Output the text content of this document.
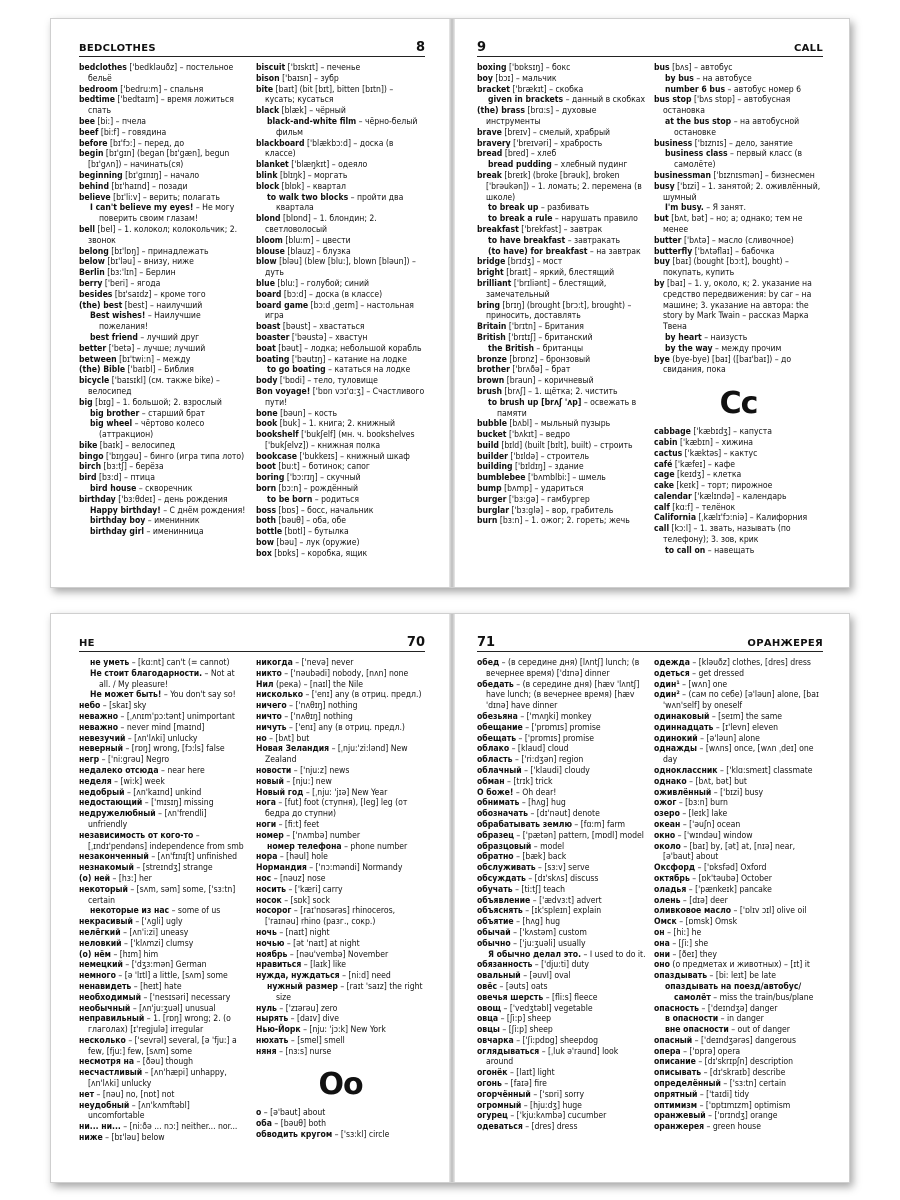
BEDCLOTHES	8
bedclothes ['bedkləuðz] – постельное бельё
bedroom ['bedru:m] – спальня
bedtime ['bedtaɪm] – время ложиться спать
bee [bi:] – пчела
beef [bi:f] – говядина
before [bɪ'fɔ:] – перед, до
begin [bɪ'gɪn] (began [bɪ'gæn], begun [bɪ'gʌn]) – начинать(ся)
beginning [bɪ'gɪnɪŋ] – начало
behind [bɪ'haɪnd] – позади
believe [bɪ'li:v] – верить; полагать
I can't believe my eyes! – Не могу поверить своим глазам!
bell [bel] – 1. колокол; колокольчик; 2. звонок
belong [bɪ'lɒŋ] – принадлежать
below [bɪ'ləu] – внизу, ниже
Berlin [bɜ:'lɪn] – Берлин
berry ['beri] – ягода
besides [bɪ'saɪdz] – кроме того
(the) best [best] – наилучший
Best wishes! – Наилучшие пожелания!
best friend – лучший друг
better ['betə] – лучше; лучший
between [bɪ'twi:n] – между
(the) Bible ['baɪbl] – Библия
bicycle ['baɪsɪkl] (см. также bike) – велосипед
big [bɪg] – 1. большой; 2. взрослый
big brother – старший брат
big wheel – чёртово колесо (аттракцион)
bike [baɪk] – велосипед
bingo ['bɪŋgəu] – бинго (игра типа лото)
birch [bɜ:tʃ] – берёза
bird [bɜ:d] – птица
bird house – скворечник
birthday ['bɜ:θdeɪ] – день рождения
Happy birthday! – С днём рождения!
birthday boy – именинник
birthday girl – именинница
biscuit ['bɪskɪt] – печенье
bison ['baɪsn] – зубр
bite [baɪt] (bit [bɪt], bitten [bɪtn]) – кусать; кусаться
black [blæk] – чёрный
black-and-white film – чёрно-белый фильм
blackboard ['blækbɔ:d] – доска (в классе)
blanket ['blæŋkɪt] – одеяло
blink [blɪŋk] – моргать
block [blɒk] – квартал
to walk two blocks – пройти два квартала
blond [blɒnd] – 1. блондин; 2. светловолосый
bloom [blu:m] – цвести
blouse [blauz] – блузка
blow [bləu] (blew [blu:], blown [bləun]) – дуть
blue [blu:] – голубой; синий
board [bɔ:d] – доска (в классе)
board game [bɔ:d ˌgeɪm] – настольная игра
boast [bəust] – хвастаться
boaster ['bəustə] – хвастун
boat [bəut] – лодка; небольшой корабль
boating ['bəutɪŋ] – катание на лодке
to go boating – кататься на лодке
body ['bɒdi] – тело, туловище
Bon voyage! ['bɒn vɔɪ'ɑ:ʒ] – Счастливого пути!
bone [bəun] – кость
book [buk] – 1. книга; 2. книжный
bookshelf ['bukʃelf] (мн. ч. bookshelves ['bukʃelvz]) – книжная полка
bookcase ['bukkeɪs] – книжный шкаф
boot [bu:t] – ботинок; сапог
boring ['bɔ:rɪŋ] – скучный
born [bɔ:n] – рождённый
to be born – родиться
boss [bɒs] – босс, начальник
both [bəuθ] – оба, обе
bottle [bɒtl] – бутылка
bow [bəu] – лук (оружие)
box [bɒks] – коробка, ящик
9	CALL
boxing ['bɒksɪŋ] – бокс
boy [bɔɪ] – мальчик
bracket ['brækɪt] – скобка
given in brackets – данный в скобках
(the) brass [brɑ:s] – духовые инструменты
brave [breɪv] – смелый, храбрый
bravery ['breɪvəri] – храбрость
bread [bred] – хлеб
bread pudding – хлебный пудинг
break [breɪk] (broke [brəuk], broken ['brəukən]) – 1. ломать; 2. перемена (в школе)
to break up – разбивать
to break a rule – нарушать правило
breakfast ['brekfəst] – завтрак
to have breakfast – завтракать
(to have) for breakfast – на завтрак
bridge [brɪdʒ] – мост
bright [braɪt] – яркий, блестящий
brilliant ['brɪliənt] – блестящий, замечательный
bring [brɪŋ] (brought [brɔ:t], brought) – приносить, доставлять
Britain ['brɪtn] – Британия
British ['brɪtɪʃ] – британский
the British – британцы
bronze [brɒnz] – бронзовый
brother ['brʌðə] – брат
brown [braun] – коричневый
brush [brʌʃ] – 1. щётка; 2. чистить
to brush up [brʌʃ 'ʌp] – освежать в памяти
bubble [bʌbl] – мыльный пузырь
bucket ['bʌkɪt] – ведро
build [bɪld] (built [bɪlt], built) – строить
builder ['bɪldə] – строитель
building ['bɪldɪŋ] – здание
bumblebee ['bʌmblbi:] – шмель
bump [bʌmp] – удариться
burger ['bɜ:gə] – гамбургер
burglar ['bɜ:glə] – вор, грабитель
burn [bɜ:n] – 1. ожог; 2. гореть; жечь
bus [bʌs] – автобус
by bus – на автобусе
number 6 bus – автобус номер 6
bus stop ['bʌs stɒp] – автобусная остановка
at the bus stop – на автобусной остановке
business ['bɪznɪs] – дело, занятие
business class – первый класс (в самолёте)
businessman ['bɪznɪsmən] – бизнесмен
busy ['bɪzi] – 1. занятой; 2. оживлённый, шумный
I'm busy. – Я занят.
but [bʌt, bət] – но; а; однако; тем не менее
butter ['bʌtə] – масло (сливочное)
butterfly ['bʌtəflaɪ] – бабочка
buy [baɪ] (bought [bɔ:t], bought) – покупать, купить
by [baɪ] – 1. у, около, к; 2. указание на средство передвижения: by car – на машине; 3. указание на автора: the story by Mark Twain – рассказ Марка Твена
by heart – наизусть
by the way – между прочим
bye (bye-bye) [baɪ] ([baɪ'baɪ]) – до свидания, пока
Cc
cabbage ['kæbɪdʒ] – капуста
cabin ['kæbɪn] – хижина
cactus ['kæktəs] – кактус
café ['kæfeɪ] – кафе
cage [keɪdʒ] – клетка
cake [keɪk] – торт; пирожное
calendar ['kælɪndə] – календарь
calf [kɑ:f] – телёнок
California [ˌkælɪ'fɔ:niə] – Калифорния
call [kɔ:l] – 1. звать, называть (по телефону); 3. зов, крик
to call on – навещать
НЕ	70
не уметь – [kɑ:nt] can't (= cannot)
Не стоит благодарности. – Not at all. / My pleasure!
Не может быть! – You don't say so!
небо – [skaɪ] sky
неважно – [ˌʌnɪm'pɔ:tənt] unimportant
неважно – never mind [maɪnd]
невезучий – [ʌn'lʌki] unlucky
неверный – [rɒŋ] wrong, [fɔ:ls] false
негр – ['ni:grəu] Negro
недалеко отсюда – near here
неделя – [wi:k] week
недобрый – [ʌn'kaɪnd] unkind
недостающий – ['mɪsɪŋ] missing
недружелюбный – [ʌn'frendli] unfriendly
независимость от кого-то – [ˌɪndɪ'pendəns] independence from smb
незаконченный – [ʌn'fɪnɪʃt] unfinished
незнакомый – [streɪndʒ] strange
(о) ней – [hɜ:] her
некоторый – [sʌm, səm] some, ['sɜ:tn] certain
некоторые из нас – some of us
некрасивый – ['ʌgli] ugly
нелёгкий – [ʌn'i:zi] uneasy
неловкий – ['klʌmzi] clumsy
(о) нём – [hɪm] him
немецкий – ['dʒɜ:mən] German
немного – [ə 'lɪtl] a little, [sʌm] some
ненавидеть – [heɪt] hate
необходимый – ['nesɪsəri] necessary
необычный – [ʌn'ju:ʒuəl] unusual
неправильный – 1. [rɒŋ] wrong; 2. (о глаголах) [ɪ'regjulə] irregular
несколько – ['sevrəl] several, [ə 'fju:] a few, [fju:] few, [sʌm] some
несмотря на – [ðəu] though
несчастливый – [ʌn'hæpi] unhappy, [ʌn'lʌki] unlucky
нет – [nəu] no, [nɒt] not
неудобный – [ʌn'kʌmftəbl] uncomfortable
ни... ни... – [ni:ðə ... nɔ:] neither... nor...
ниже – [bɪ'ləu] below
никогда – ['nevə] never
никто – ['nəubədi] nobody, [nʌn] none
Нил (река) – [naɪl] the Nile
нисколько – ['enɪ] any (в отриц. предл.)
ничего – ['nʌθɪŋ] nothing
ничто – ['nʌθɪŋ] nothing
ничуть – ['enɪ] any (в отриц. предл.)
но – [bʌt] but
Новая Зеландия – [ˌnju:'zi:lənd] New Zealand
новости – ['nju:z] news
новый – [nju:] new
Новый год – [ˌnju: 'jɪə] New Year
нога – [fut] foot (ступня), [leg] leg (от бедра до ступни)
ноги – [fi:t] feet
номер – ['nʌmbə] number
номер телефона – phone number
нора – [həul] hole
Нормандия – ['nɔ:məndi] Normandy
нос – [nəuz] nose
носить – ['kæri] carry
носок – [sɒk] sock
носорог – [raɪ'nɒsərəs] rhinoceros, ['raɪnəu] rhino (разг., сокр.)
ночь – [naɪt] night
ночью – [ət 'naɪt] at night
ноябрь – [nəu'vembə] November
нравиться – [laɪk] like
нужда, нуждаться – [ni:d] need
нужный размер – [raɪt 'saɪz] the right size
нуль – ['zɪərəu] zero
нырять – [daɪv] dive
Нью-Йорк – [nju: 'jɔ:k] New York
нюхать – [smel] smell
няня – [nɜ:s] nurse
Oo
о – [ə'baut] about
оба – [bəuθ] both
обводить кругом – ['sɜ:kl] circle
71	ОРАНЖЕРЕЯ
обед – (в середине дня) [lʌntʃ] lunch; (в вечернее время) ['dɪnə] dinner
обедать – (в середине дня) [hæv 'lʌntʃ] have lunch; (в вечернее время) [hæv 'dɪnə] have dinner
обезьяна – ['mʌŋki] monkey
обещание – ['prɒmɪs] promise
обещать – ['prɒmɪs] promise
облако – [klaud] cloud
область – ['ri:dʒən] region
облачный – ['klaudi] cloudy
обман – [trɪk] trick
О боже! – Oh dear!
обнимать – [hʌg] hug
обозначать – [dɪ'nəut] denote
обрабатывать землю – [fɑ:m] farm
образец – ['pætən] pattern, [mɒdl] model
образцовый – model
обратно – [bæk] back
обслуживать – [sɜ:v] serve
обсуждать – [dɪ'skʌs] discuss
обучать – [ti:tʃ] teach
объявление – ['ædvɜ:t] advert
объяснять – [ɪk'spleɪn] explain
объятие – [hʌg] hug
обычай – ['kʌstəm] custom
обычно – ['ju:ʒuəli] usually
Я обычно делал это. – I used to do it.
обязанность – ['dju:ti] duty
овальный – [əuvl] oval
овёс – [əuts] oats
овечья шерсть – [fli:s] fleece
овощ – ['vedʒtəbl] vegetable
овца – [ʃi:p] sheep
овцы – [ʃi:p] sheep
овчарка – ['ʃi:pdɒg] sheepdog
оглядываться – [ˌluk ə'raund] look around
огонёк – [laɪt] light
огонь – [faɪə] fire
огорчённый – ['sɒri] sorry
огромный – [hju:dʒ] huge
огурец – ['kju:kʌmbə] cucumber
одеваться – [dres] dress
одежда – [kləuðz] clothes, [dres] dress
одеться – get dressed
один¹ – [wʌn] one
один² – (сам по себе) [ə'ləun] alone, [baɪ 'wʌn'self] by oneself
одинаковый – [seɪm] the same
одиннадцать – [ɪ'levn] eleven
одинокий – [ə'ləun] alone
однажды – [wʌns] once, [wʌn ˌdeɪ] one day
одноклассник – ['klɑ:smeɪt] classmate
однако – [bʌt, bət] but
оживлённый – ['bɪzi] busy
ожог – [bɜ:n] burn
озеро – [leɪk] lake
океан – ['əuʃn] ocean
окно – ['wɪndəu] window
около – [baɪ] by, [ət] at, [nɪə] near, [ə'baut] about
Оксфорд – ['ɒksfəd] Oxford
октябрь – [ɒk'təubə] October
оладья – ['pænkeɪk] pancake
олень – [dɪə] deer
оливковое масло – ['ɒlɪv ɔɪl] olive oil
Омск – [ɒmsk] Omsk
он – [hi:] he
она – [ʃi:] she
они – [ðeɪ] they
оно (о предметах и животных) – [ɪt] it
опаздывать – [bi: leɪt] be late
опаздывать на поезд/автобус/самолёт – miss the train/bus/plane
опасность – ['deɪndʒə] danger
в опасности – in danger
вне опасности – out of danger
опасный – ['deɪndʒərəs] dangerous
опера – ['ɒprə] opera
описание – [dɪ'skrɪpʃn] description
описывать – [dɪ'skraɪb] describe
определённый – ['sɜ:tn] certain
опрятный – ['taɪdi] tidy
оптимизм – ['ɒptɪmɪzm] optimism
оранжевый – ['ɒrɪndʒ] orange
оранжерея – green house
